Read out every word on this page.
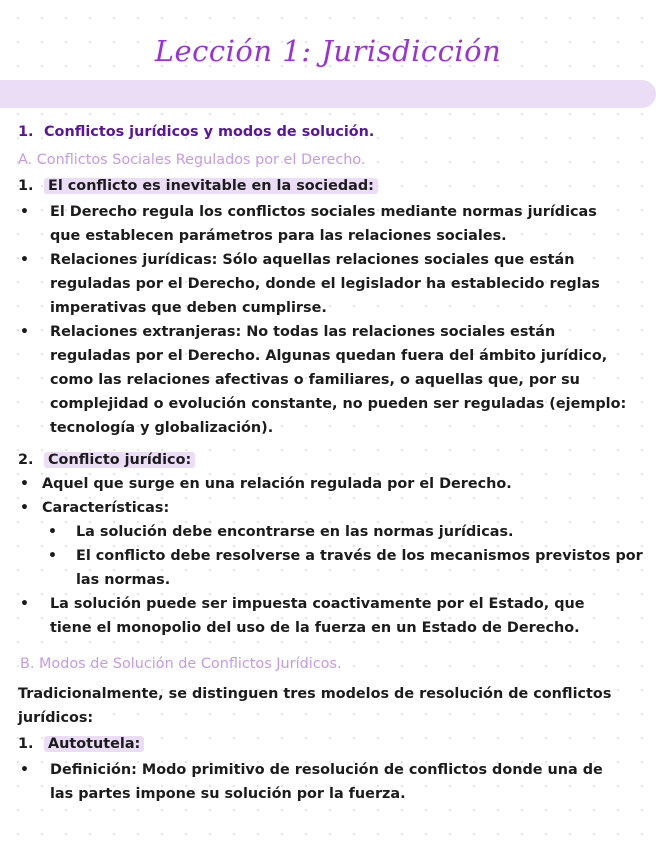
Lección 1: Jurisdicción
1. Conflictos jurídicos y modos de solución.
A. Conflictos Sociales Regulados por el Derecho.
1. El conflicto es inevitable en la sociedad:
• El Derecho regula los conflictos sociales mediante normas jurídicas
que establecen parámetros para las relaciones sociales.
• Relaciones jurídicas: Sólo aquellas relaciones sociales que están
reguladas por el Derecho, donde el legislador ha establecido reglas
imperativas que deben cumplirse.
• Relaciones extranjeras: No todas las relaciones sociales están
reguladas por el Derecho. Algunas quedan fuera del ámbito jurídico,
como las relaciones afectivas o familiares, o aquellas que, por su
complejidad o evolución constante, no pueden ser reguladas (ejemplo:
tecnología y globalización).
2. Conflicto jurídico:
• Aquel que surge en una relación regulada por el Derecho.
• Características:
• La solución debe encontrarse en las normas jurídicas.
• El conflicto debe resolverse a través de los mecanismos previstos por
las normas.
• La solución puede ser impuesta coactivamente por el Estado, que
tiene el monopolio del uso de la fuerza en un Estado de Derecho.
B. Modos de Solución de Conflictos Jurídicos.
Tradicionalmente, se distinguen tres modelos de resolución de conflictos
jurídicos:
1. Autotutela:
• Definición: Modo primitivo de resolución de conflictos donde una de
las partes impone su solución por la fuerza.
